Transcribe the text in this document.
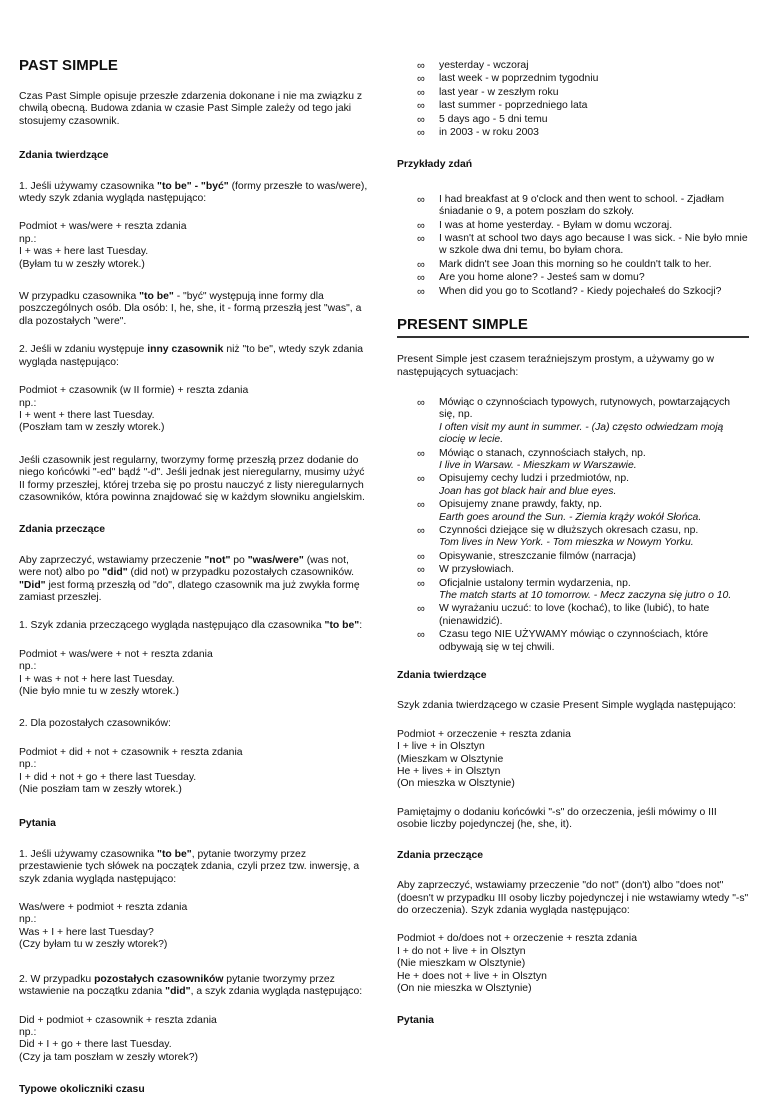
PAST SIMPLE

Czas Past Simple opisuje przeszłe zdarzenia dokonane i nie ma związku z chwilą obecną. Budowa zdania w czasie Past Simple zależy od tego jaki stosujemy czasownik.

Zdania twierdzące

1. Jeśli używamy czasownika "to be" - "być" (formy przeszłe to was/were), wtedy szyk zdania wygląda następująco:

Podmiot + was/were + reszta zdania
np.:
I + was + here last Tuesday.
(Byłam tu w zeszły wtorek.)

W przypadku czasownika "to be" - "być" występują inne formy dla poszczególnych osób. Dla osób: I, he, she, it - formą przeszłą jest "was", a dla pozostałych "were".

2. Jeśli w zdaniu występuje inny czasownik niż "to be", wtedy szyk zdania wygląda następująco:

Podmiot + czasownik (w II formie) + reszta zdania
np.:
I + went + there last Tuesday.
(Poszłam tam w zeszły wtorek.)

Jeśli czasownik jest regularny, tworzymy formę przeszłą przez dodanie do niego końcówki "-ed" bądź "-d". Jeśli jednak jest nieregularny, musimy użyć II formy przeszłej, której trzeba się po prostu nauczyć z listy nieregularnych czasowników, która powinna znajdować się w każdym słowniku angielskim.

Zdania przeczące

Aby zaprzeczyć, wstawiamy przeczenie "not" po "was/were" (was not, were not) albo po "did" (did not) w przypadku pozostałych czasowników. "Did" jest formą przeszłą od "do", dlatego czasownik ma już zwykła formę zamiast przeszłej.

1. Szyk zdania przeczącego wygląda następująco dla czasownika "to be":

Podmiot + was/were + not + reszta zdania
np.:
I + was + not + here last Tuesday.
(Nie było mnie tu w zeszły wtorek.)

2. Dla pozostałych czasowników:

Podmiot + did + not + czasownik + reszta zdania
np.:
I + did + not + go + there last Tuesday.
(Nie poszłam tam w zeszły wtorek.)

Pytania

1. Jeśli używamy czasownika "to be", pytanie tworzymy przez przestawienie tych słówek na początek zdania, czyli przez tzw. inwersję, a szyk zdania wygląda następująco:

Was/were + podmiot + reszta zdania
np.:
Was + I + here last Tuesday?
(Czy byłam tu w zeszły wtorek?)

2. W przypadku pozostałych czasowników pytanie tworzymy przez wstawienie na początku zdania "did", a szyk zdania wygląda następująco:

Did + podmiot + czasownik + reszta zdania
np.:
Did + I + go + there last Tuesday.
(Czy ja tam poszłam w zeszły wtorek?)

Typowe okoliczniki czasu

∞ yesterday - wczoraj
∞ last week - w poprzednim tygodniu
∞ last year - w zeszłym roku
∞ last summer - poprzedniego lata
∞ 5 days ago - 5 dni temu
∞ in 2003 - w roku 2003

Przykłady zdań

∞ I had breakfast at 9 o'clock and then went to school. - Zjadłam śniadanie o 9, a potem poszłam do szkoły.
∞ I was at home yesterday. - Byłam w domu wczoraj.
∞ I wasn't at school two days ago because I was sick. - Nie było mnie w szkole dwa dni temu, bo byłam chora.
∞ Mark didn't see Joan this morning so he couldn't talk to her.
∞ Are you home alone? - Jesteś sam w domu?
∞ When did you go to Scotland? - Kiedy pojechałeś do Szkocji?
PRESENT SIMPLE

Present Simple jest czasem teraźniejszym prostym, a używamy go w następujących sytuacjach:

∞ Mówiąc o czynnościach typowych, rutynowych, powtarzających się, np.
I often visit my aunt in summer. - (Ja) często odwiedzam moją ciocię w lecie.
∞ Mówiąc o stanach, czynnościach stałych, np.
I live in Warsaw. - Mieszkam w Warszawie.
∞ Opisujemy cechy ludzi i przedmiotów, np.
Joan has got black hair and blue eyes.
∞ Opisujemy znane prawdy, fakty, np.
Earth goes around the Sun. - Ziemia krąży wokół Słońca.
∞ Czynności dziejące się w dłuższych okresach czasu, np.
Tom lives in New York. - Tom mieszka w Nowym Yorku.
∞ Opisywanie, streszczanie filmów (narracja)
∞ W przysłowiach.
∞ Oficjalnie ustalony termin wydarzenia, np.
The match starts at 10 tomorrow. - Mecz zaczyna się jutro o 10.
∞ W wyrażaniu uczuć: to love (kochać), to like (lubić), to hate (nienawidzić).
∞ Czasu tego NIE UŻYWAMY mówiąc o czynnościach, które odbywają się w tej chwili.

Zdania twierdzące

Szyk zdania twierdzącego w czasie Present Simple wygląda następująco:

Podmiot + orzeczenie + reszta zdania
I + live + in Olsztyn
(Mieszkam w Olsztynie
He + lives + in Olsztyn
(On mieszka w Olsztynie)

Pamiętajmy o dodaniu końcówki "-s" do orzeczenia, jeśli mówimy o III osobie liczby pojedynczej (he, she, it).

Zdania przeczące

Aby zaprzeczyć, wstawiamy przeczenie "do not" (don't) albo "does not" (doesn't w przypadku III osoby liczby pojedynczej i nie wstawiamy wtedy "-s" do orzeczenia). Szyk zdania wygląda następująco:

Podmiot + do/does not + orzeczenie + reszta zdania
I + do not + live + in Olsztyn
(Nie mieszkam w Olsztynie)
He + does not + live + in Olsztyn
(On nie mieszka w Olsztynie)

Pytania
